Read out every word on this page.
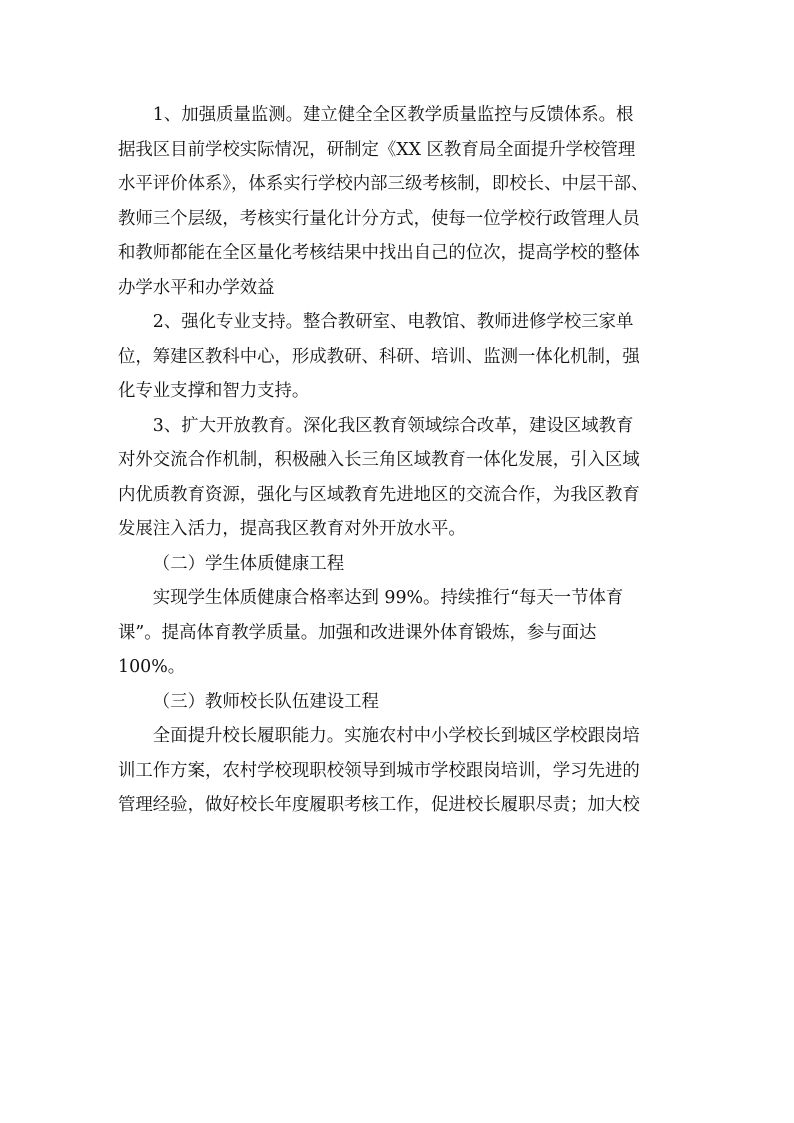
1、加强质量监测。建立健全全区教学质量监控与反馈体系。根
据我区目前学校实际情况，研制定《XX 区教育局全面提升学校管理
水平评价体系》，体系实行学校内部三级考核制，即校长、中层干部、
教师三个层级，考核实行量化计分方式，使每一位学校行政管理人员
和教师都能在全区量化考核结果中找出自己的位次，提高学校的整体
办学水平和办学效益

2、强化专业支持。整合教研室、电教馆、教师进修学校三家单
位，筹建区教科中心，形成教研、科研、培训、监测一体化机制，强
化专业支撑和智力支持。

3、扩大开放教育。深化我区教育领域综合改革，建设区域教育
对外交流合作机制，积极融入长三角区域教育一体化发展，引入区域
内优质教育资源，强化与区域教育先进地区的交流合作，为我区教育
发展注入活力，提高我区教育对外开放水平。

（二）学生体质健康工程

实现学生体质健康合格率达到 99%。持续推行“每天一节体育
课”。提高体育教学质量。加强和改进课外体育锻炼，参与面达
100%。

（三）教师校长队伍建设工程

全面提升校长履职能力。实施农村中小学校长到城区学校跟岗培
训工作方案，农村学校现职校领导到城市学校跟岗培训，学习先进的
管理经验，做好校长年度履职考核工作，促进校长履职尽责；加大校
